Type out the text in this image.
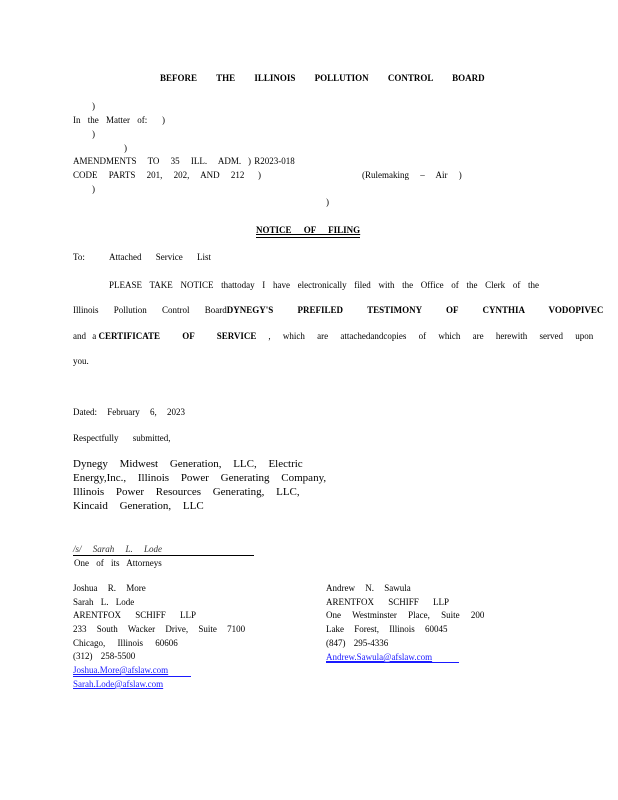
BEFORE THE ILLINOIS POLLUTION CONTROL BOARD
)
In the Matter of: )
)
)
AMENDMENTS TO 35 ILL. ADM. ) R2023-018
CODE PARTS 201, 202, AND 212 )	(Rulemaking – Air )
)
)
NOTICE OF FILING
To:	Attached Service List
PLEASE TAKE NOTICE thattoday I have electronically filed with the Office of the Clerk of the
Illinois Pollution Control Board DYNEGY'S PREFILED TESTIMONY OF CYNTHIA VODOPIVEC
and a
CERTIFICATE OF SERVICE , which are attachedandcopies of which are herewith served upon
you.
Dated: February 6, 2023
Respectfully submitted,
Dynegy Midwest Generation, LLC, Electric
Energy,Inc., Illinois Power Generating Company,
Illinois Power Resources Generating, LLC,
Kincaid Generation, LLC
/s/ Sarah L. Lode
One of its Attorneys
Joshua R. More
Sarah L. Lode
ARENTFOX SCHIFF LLP
233 South Wacker Drive, Suite 7100
Chicago, Illinois 60606
(312) 258-5500
Joshua.More@afslaw.com
Sarah.Lode@afslaw.com
Andrew N. Sawula
ARENTFOX SCHIFF LLP
One Westminster Place, Suite 200
Lake Forest, Illinois 60045
(847) 295-4336
Andrew.Sawula@afslaw.com
